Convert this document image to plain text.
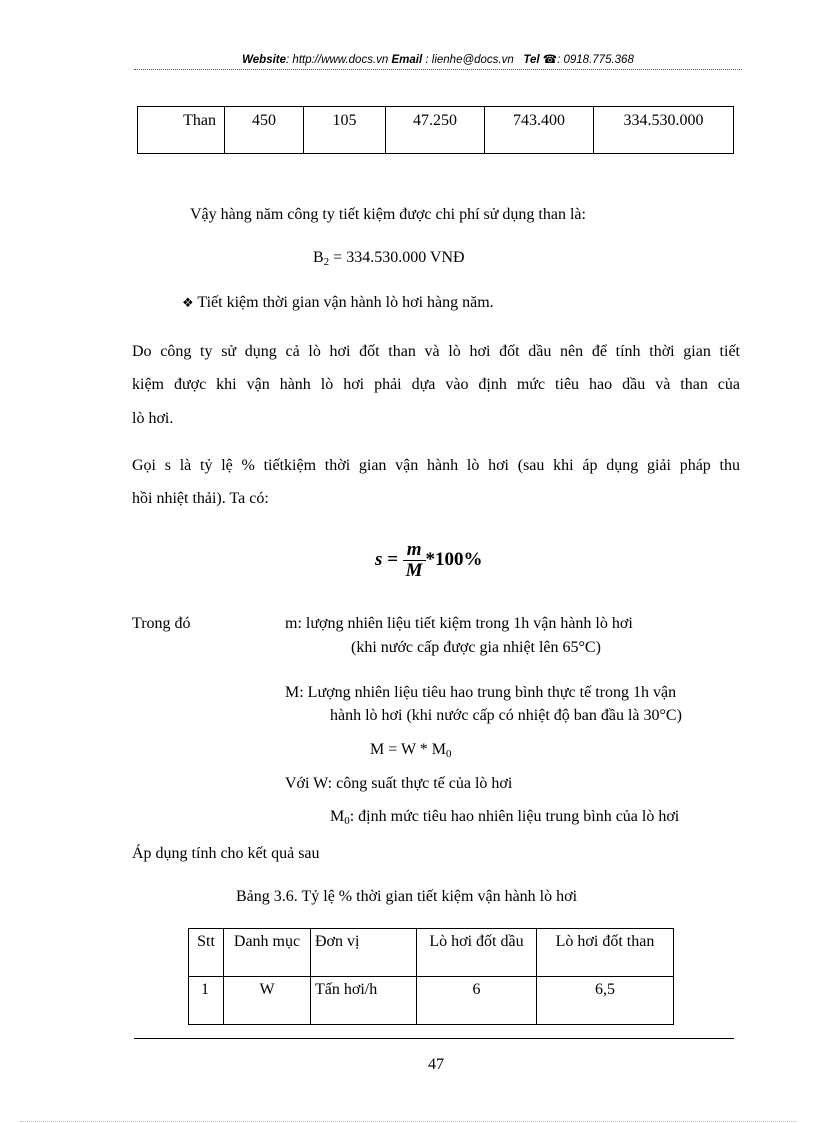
Website: http://www.docs.vn Email : lienhe@docs.vn Tel ☎: 0918.775.368
Than	450	105	47.250	743.400	334.530.000
Vậy hàng năm công ty tiết kiệm được chi phí sử dụng than là:
$B_2 = 334.530.000$ VNĐ
❖ Tiết kiệm thời gian vận hành lò hơi hàng năm.
Do công ty sử dụng cả lò hơi đốt than và lò hơi đốt dầu nên để tính thời gian tiết
kiệm được khi vận hành lò hơi phải dựa vào định mức tiêu hao dầu và than của
lò hơi.
Gọi s là tỷ lệ % tiếtkiệm thời gian vận hành lò hơi (sau khi áp dụng giải pháp thu
hồi nhiệt thải). Ta có:
$s = \frac{m}{M} *100\%$
Trong đó	m: lượng nhiên liệu tiết kiệm trong 1h vận hành lò hơi
(khi nước cấp được gia nhiệt lên 65°C)
M: Lượng nhiên liệu tiêu hao trung bình thực tế trong 1h vận
hành lò hơi (khi nước cấp có nhiệt độ ban đầu là 30°C)
$M = W * M_0$
Với W: công suất thực tế của lò hơi
$M_0$: định mức tiêu hao nhiên liệu trung bình của lò hơi
Áp dụng tính cho kết quả sau
Bảng 3.6. Tỷ lệ % thời gian tiết kiệm vận hành lò hơi
Stt	Danh mục	Đơn vị	Lò hơi đốt dầu	Lò hơi đốt than
1	W	Tấn hơi/h	6	6,5
47
